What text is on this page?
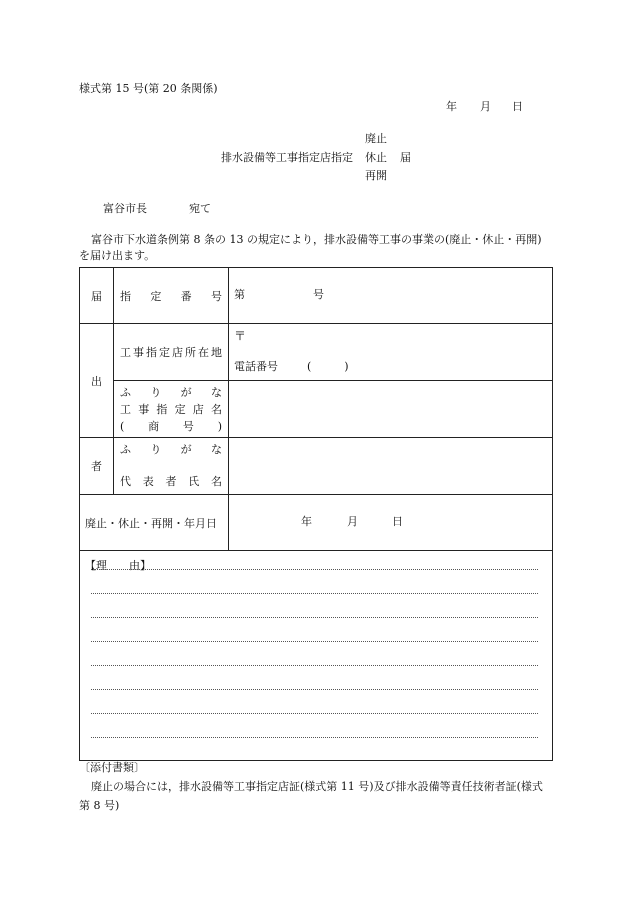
様式第 15 号(第 20 条関係)
年 月 日
廃止
排水設備等工事指定店指定 休止 届
再開
富谷市長	宛て
富谷市下水道条例第 8 条の 13 の規定により，排水設備等工事の事業の(廃止・休止・再開)
を届け出ます。
届	指　定　番　号	第 号

出	工事指定店所在地	〒
電話番号 (　　　)

	ふ　り　が　な
工 事 指 定 店 名
(　商　号　)	

者	ふ　り　が　な
代 表 者 氏 名	

廃止・休止・再開・年月日		年 月 日

【理　　由】		
〔添付書類〕
廃止の場合には，排水設備等工事指定店証(様式第 11 号)及び排水設備等責任技術者証(様式
第 8 号)
